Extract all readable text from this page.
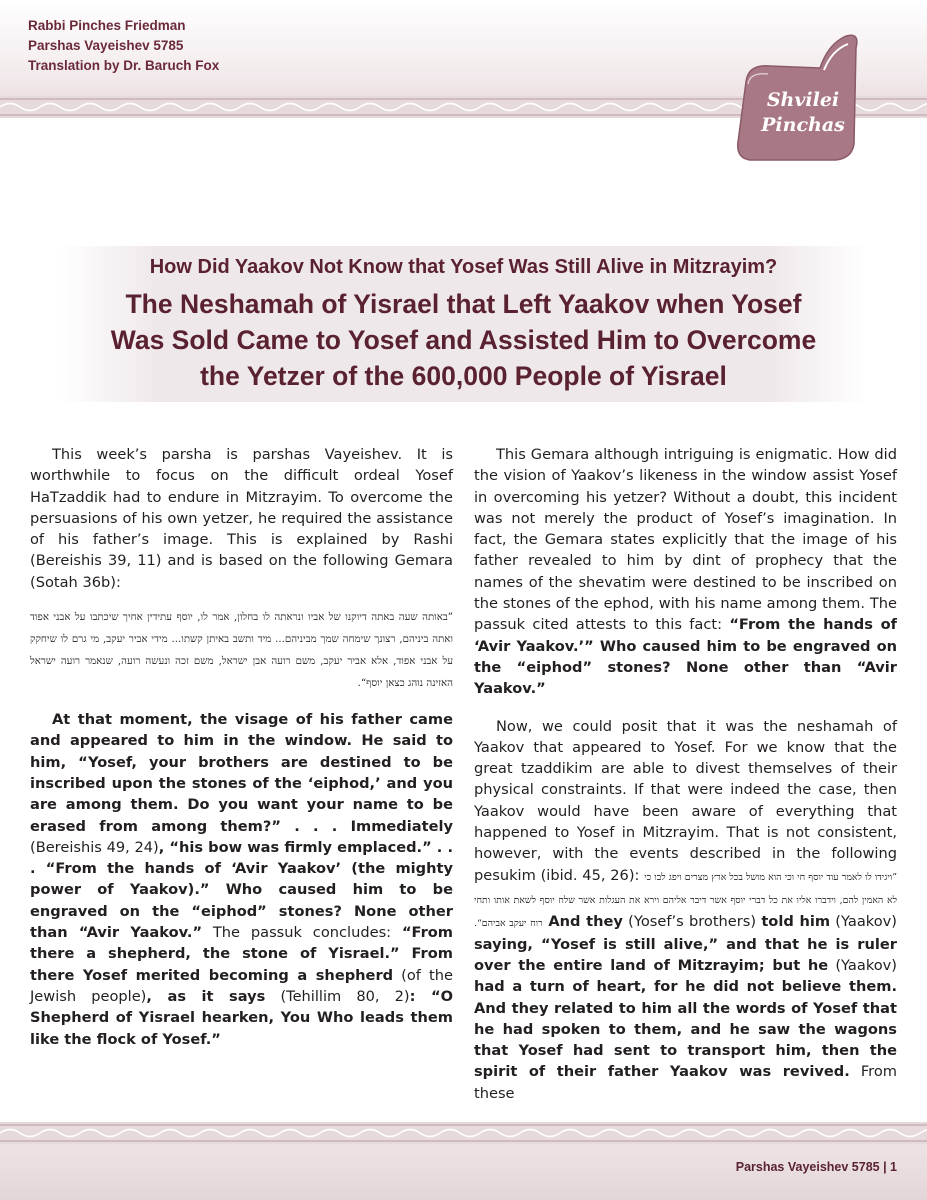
Rabbi Pinches Friedman
Parshas Vayeishev 5785
Translation by Dr. Baruch Fox
Shvilei
Pinchas
How Did Yaakov Not Know that Yosef Was Still Alive in Mitzrayim?
The Neshamah of Yisrael that Left Yaakov when Yosef
Was Sold Came to Yosef and Assisted Him to Overcome
the Yetzer of the 600,000 People of Yisrael

This week’s parsha is parshas Vayeishev. It is worthwhile to focus on the difficult ordeal Yosef HaTzaddik had to endure in Mitzrayim. To overcome the persuasions of his own yetzer, he required the assistance of his father’s image. This is explained by Rashi (Bereishis 39, 11) and is based on the following Gemara (Sotah 36b):

”באותה שעה באתה דיוקנו של אביו ונראתה לו בחלון, אמר לו, יוסף עתידין אחיך שיכתבו על אבני אפוד ואתה ביניהם, רצונך שימחה שמך מביניהם... מיד ותשב באיתן קשתו... מידי אביר יעקב, מי גרם לו שיחקק על אבני אפוד, אלא אביר יעקב, משם רועה אבן ישראל, משם זכה ונעשה רועה, שנאמר רועה ישראל האזינה נוהג כצאן יוסף“.

At that moment, the visage of his father came and appeared to him in the window. He said to him, “Yosef, your brothers are destined to be inscribed upon the stones of the ‘eiphod,’ and you are among them. Do you want your name to be erased from among them?” . . . Immediately (Bereishis 49, 24), “his bow was firmly emplaced.” . . . “From the hands of ‘Avir Yaakov’ (the mighty power of Yaakov).” Who caused him to be engraved on the “eiphod” stones? None other than “Avir Yaakov.” The passuk concludes: “From there a shepherd, the stone of Yisrael.” From there Yosef merited becoming a shepherd (of the Jewish people), as it says (Tehillim 80, 2): “O Shepherd of Yisrael hearken, You Who leads them like the flock of Yosef.”

This Gemara although intriguing is enigmatic. How did the vision of Yaakov’s likeness in the window assist Yosef in overcoming his yetzer? Without a doubt, this incident was not merely the product of Yosef’s imagination. In fact, the Gemara states explicitly that the image of his father revealed to him by dint of prophecy that the names of the shevatim were destined to be inscribed on the stones of the ephod, with his name among them. The passuk cited attests to this fact: “From the hands of ‘Avir Yaakov.’” Who caused him to be engraved on the “eiphod” stones? None other than “Avir Yaakov.”

Now, we could posit that it was the neshamah of Yaakov that appeared to Yosef. For we know that the great tzaddikim are able to divest themselves of their physical constraints. If that were indeed the case, then Yaakov would have been aware of everything that happened to Yosef in Mitzrayim. That is not consistent, however, with the events described in the following pesukim (ibid. 45, 26): ”ויגידו לו לאמר עוד יוסף חי וכי הוא מושל בכל ארץ מצרים ויפג לבו כי לא האמין להם, וידברו אליו את כל דברי יוסף אשר דיבר אליהם וירא את העגלות אשר שלח יוסף לשאת אותו ותחי רוח יעקב אביהם“. And they (Yosef’s brothers) told him (Yaakov) saying, “Yosef is still alive,” and that he is ruler over the entire land of Mitzrayim; but he (Yaakov) had a turn of heart, for he did not believe them. And they related to him all the words of Yosef that he had spoken to them, and he saw the wagons that Yosef had sent to transport him, then the spirit of their father Yaakov was revived. From these

Parshas Vayeishev 5785 | 1
